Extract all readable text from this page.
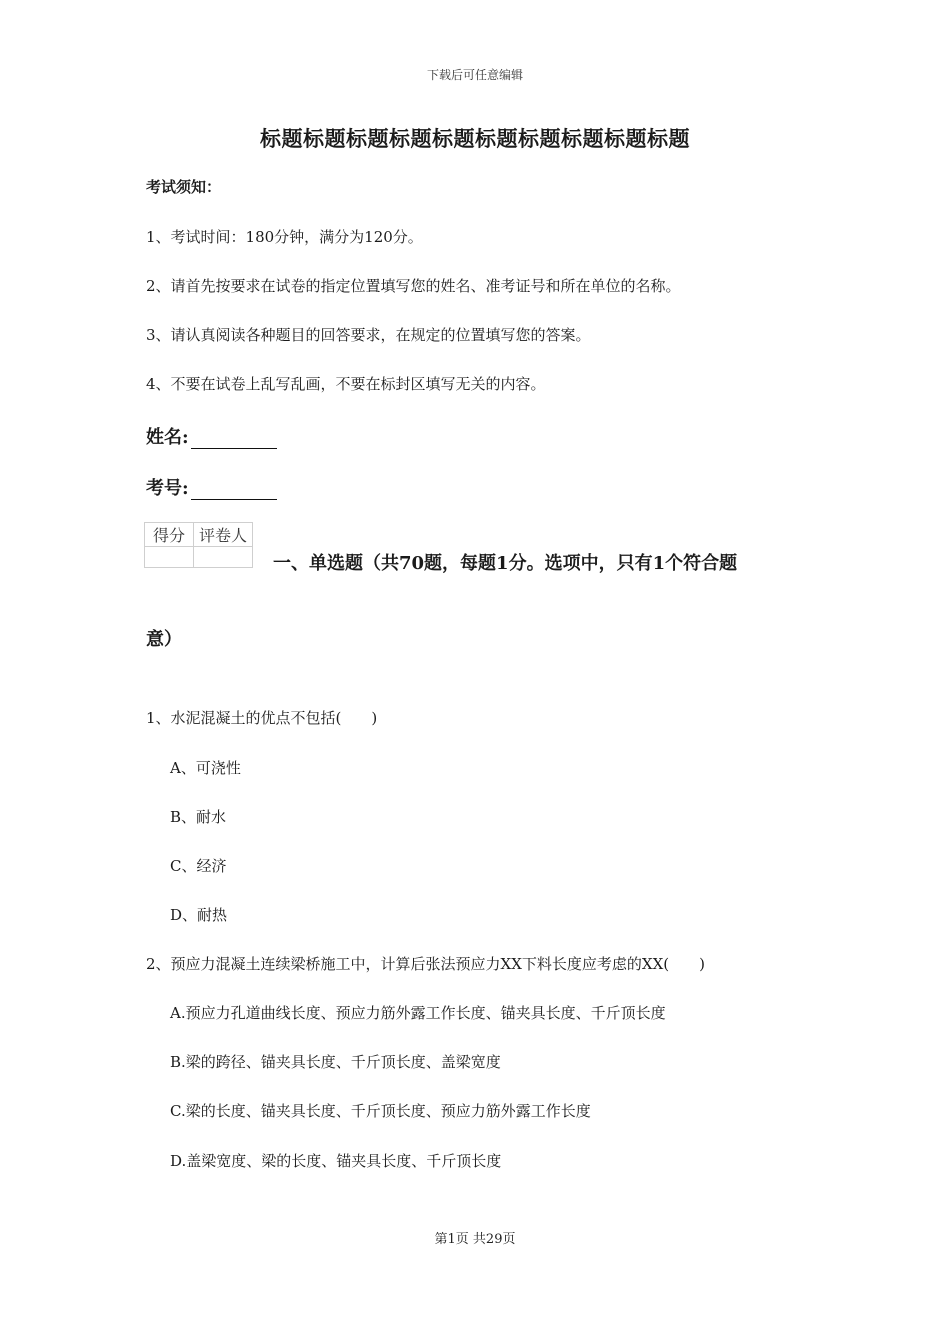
下载后可任意编辑
标题标题标题标题标题标题标题标题标题标题
考试须知：
1、考试时间：180分钟，满分为120分。
2、请首先按要求在试卷的指定位置填写您的姓名、准考证号和所在单位的名称。
3、请认真阅读各种题目的回答要求，在规定的位置填写您的答案。
4、不要在试卷上乱写乱画，不要在标封区填写无关的内容。
姓名:
考号:
得分	评卷人

一、单选题（共70题，每题1分。选项中，只有1个符合题
意）
1、水泥混凝土的优点不包括(　　)
A、可浇性
B、耐水
C、经济
D、耐热
2、预应力混凝土连续梁桥施工中，计算后张法预应力XX下料长度应考虑的XX(　　)
A.预应力孔道曲线长度、预应力筋外露工作长度、锚夹具长度、千斤顶长度
B.梁的跨径、锚夹具长度、千斤顶长度、盖梁宽度
C.梁的长度、锚夹具长度、千斤顶长度、预应力筋外露工作长度
D.盖梁宽度、梁的长度、锚夹具长度、千斤顶长度
第1页 共29页
